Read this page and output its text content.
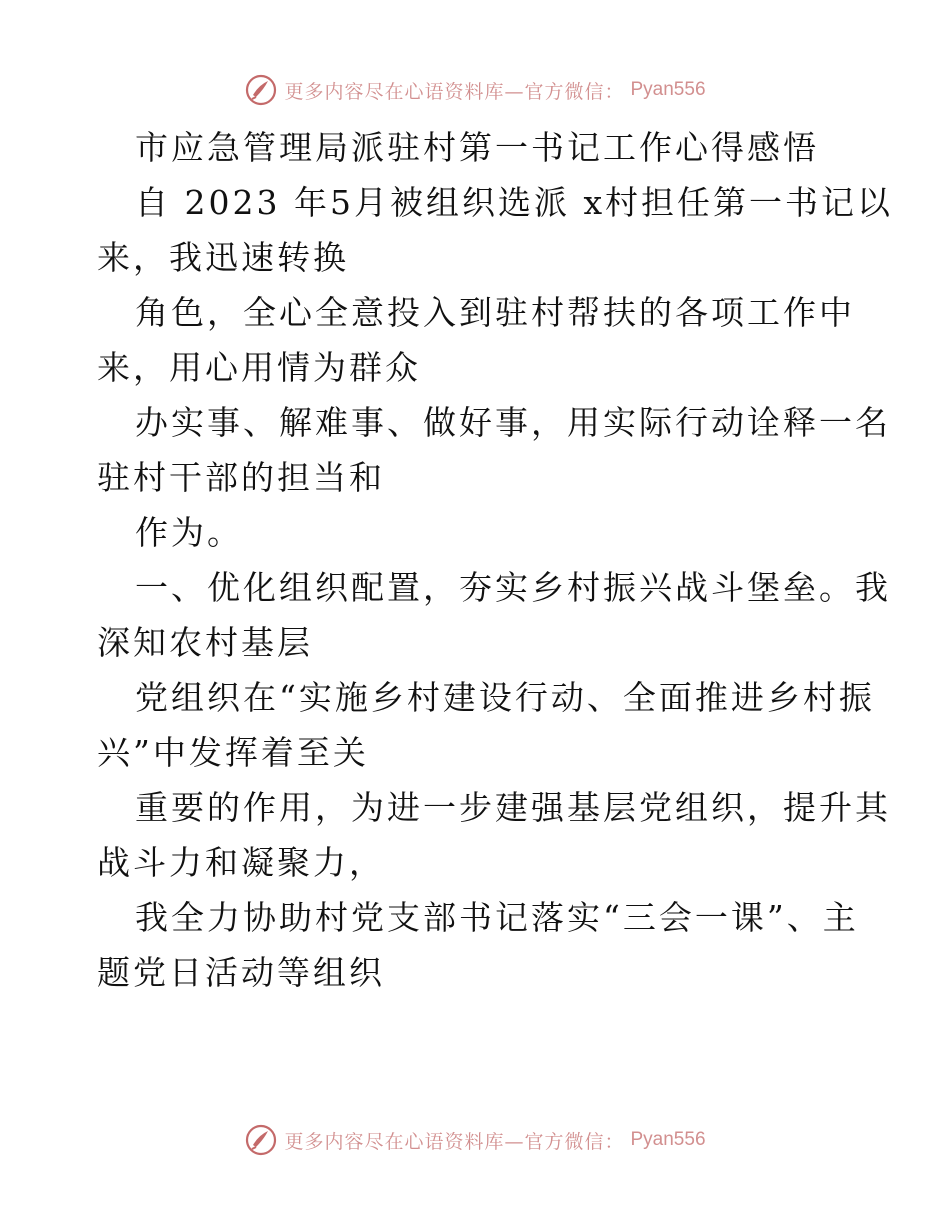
更多内容尽在心语资料库—官方微信： Pyan556
市应急管理局派驻村第一书记工作心得感悟
自 2023 年5月被组织选派 x村担任第一书记以
来，我迅速转换
角色，全心全意投入到驻村帮扶的各项工作中
来，用心用情为群众
办实事、解难事、做好事，用实际行动诠释一名
驻村干部的担当和
作为。
一、优化组织配置，夯实乡村振兴战斗堡垒。我
深知农村基层
党组织在“实施乡村建设行动、全面推进乡村振
兴”中发挥着至关
重要的作用，为进一步建强基层党组织，提升其
战斗力和凝聚力，
我全力协助村党支部书记落实“三会一课”、主
题党日活动等组织
更多内容尽在心语资料库—官方微信： Pyan556
